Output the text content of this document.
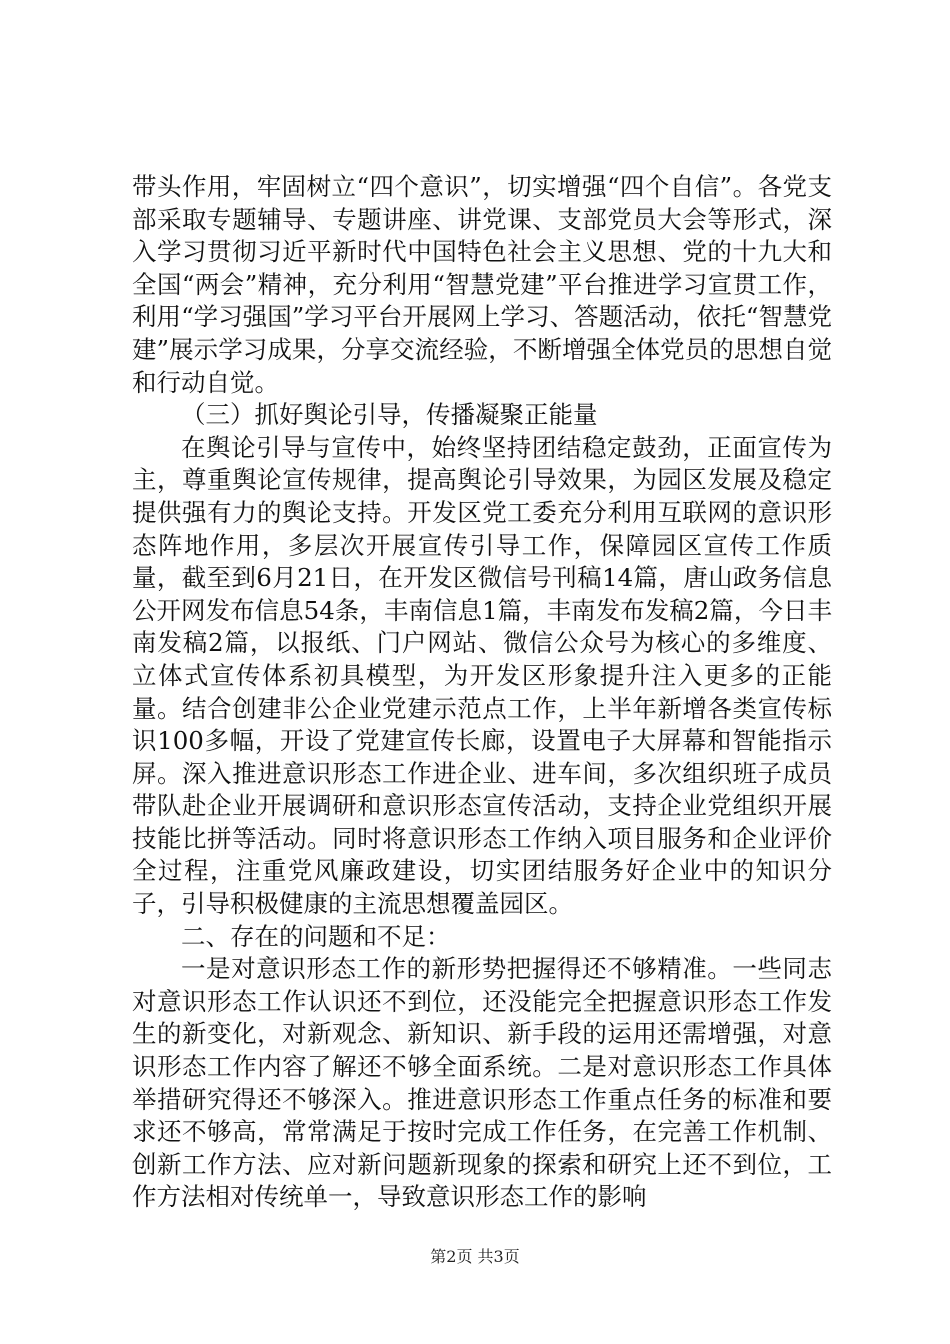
带头作用，牢固树立“四个意识”，切实增强“四个自信”。各党支部采取专题辅导、专题讲座、讲党课、支部党员大会等形式，深入学习贯彻习近平新时代中国特色社会主义思想、党的十九大和全国“两会”精神，充分利用“智慧党建”平台推进学习宣贯工作，利用“学习强国”学习平台开展网上学习、答题活动，依托“智慧党建”展示学习成果，分享交流经验，不断增强全体党员的思想自觉和行动自觉。

（三）抓好舆论引导，传播凝聚正能量

在舆论引导与宣传中，始终坚持团结稳定鼓劲，正面宣传为主，尊重舆论宣传规律，提高舆论引导效果，为园区发展及稳定提供强有力的舆论支持。开发区党工委充分利用互联网的意识形态阵地作用，多层次开展宣传引导工作，保障园区宣传工作质量，截至到6月21日，在开发区微信号刊稿14篇，唐山政务信息公开网发布信息54条，丰南信息1篇，丰南发布发稿2篇，今日丰南发稿2篇，以报纸、门户网站、微信公众号为核心的多维度、立体式宣传体系初具模型，为开发区形象提升注入更多的正能量。结合创建非公企业党建示范点工作，上半年新增各类宣传标识100多幅，开设了党建宣传长廊，设置电子大屏幕和智能指示屏。深入推进意识形态工作进企业、进车间，多次组织班子成员带队赴企业开展调研和意识形态宣传活动，支持企业党组织开展技能比拼等活动。同时将意识形态工作纳入项目服务和企业评价全过程，注重党风廉政建设，切实团结服务好企业中的知识分子，引导积极健康的主流思想覆盖园区。

二、存在的问题和不足：

一是对意识形态工作的新形势把握得还不够精准。一些同志对意识形态工作认识还不到位，还没能完全把握意识形态工作发生的新变化，对新观念、新知识、新手段的运用还需增强，对意识形态工作内容了解还不够全面系统。二是对意识形态工作具体举措研究得还不够深入。推进意识形态工作重点任务的标准和要求还不够高，常常满足于按时完成工作任务，在完善工作机制、创新工作方法、应对新问题新现象的探索和研究上还不到位，工作方法相对传统单一，导致意识形态工作的影响

第2页 共3页
